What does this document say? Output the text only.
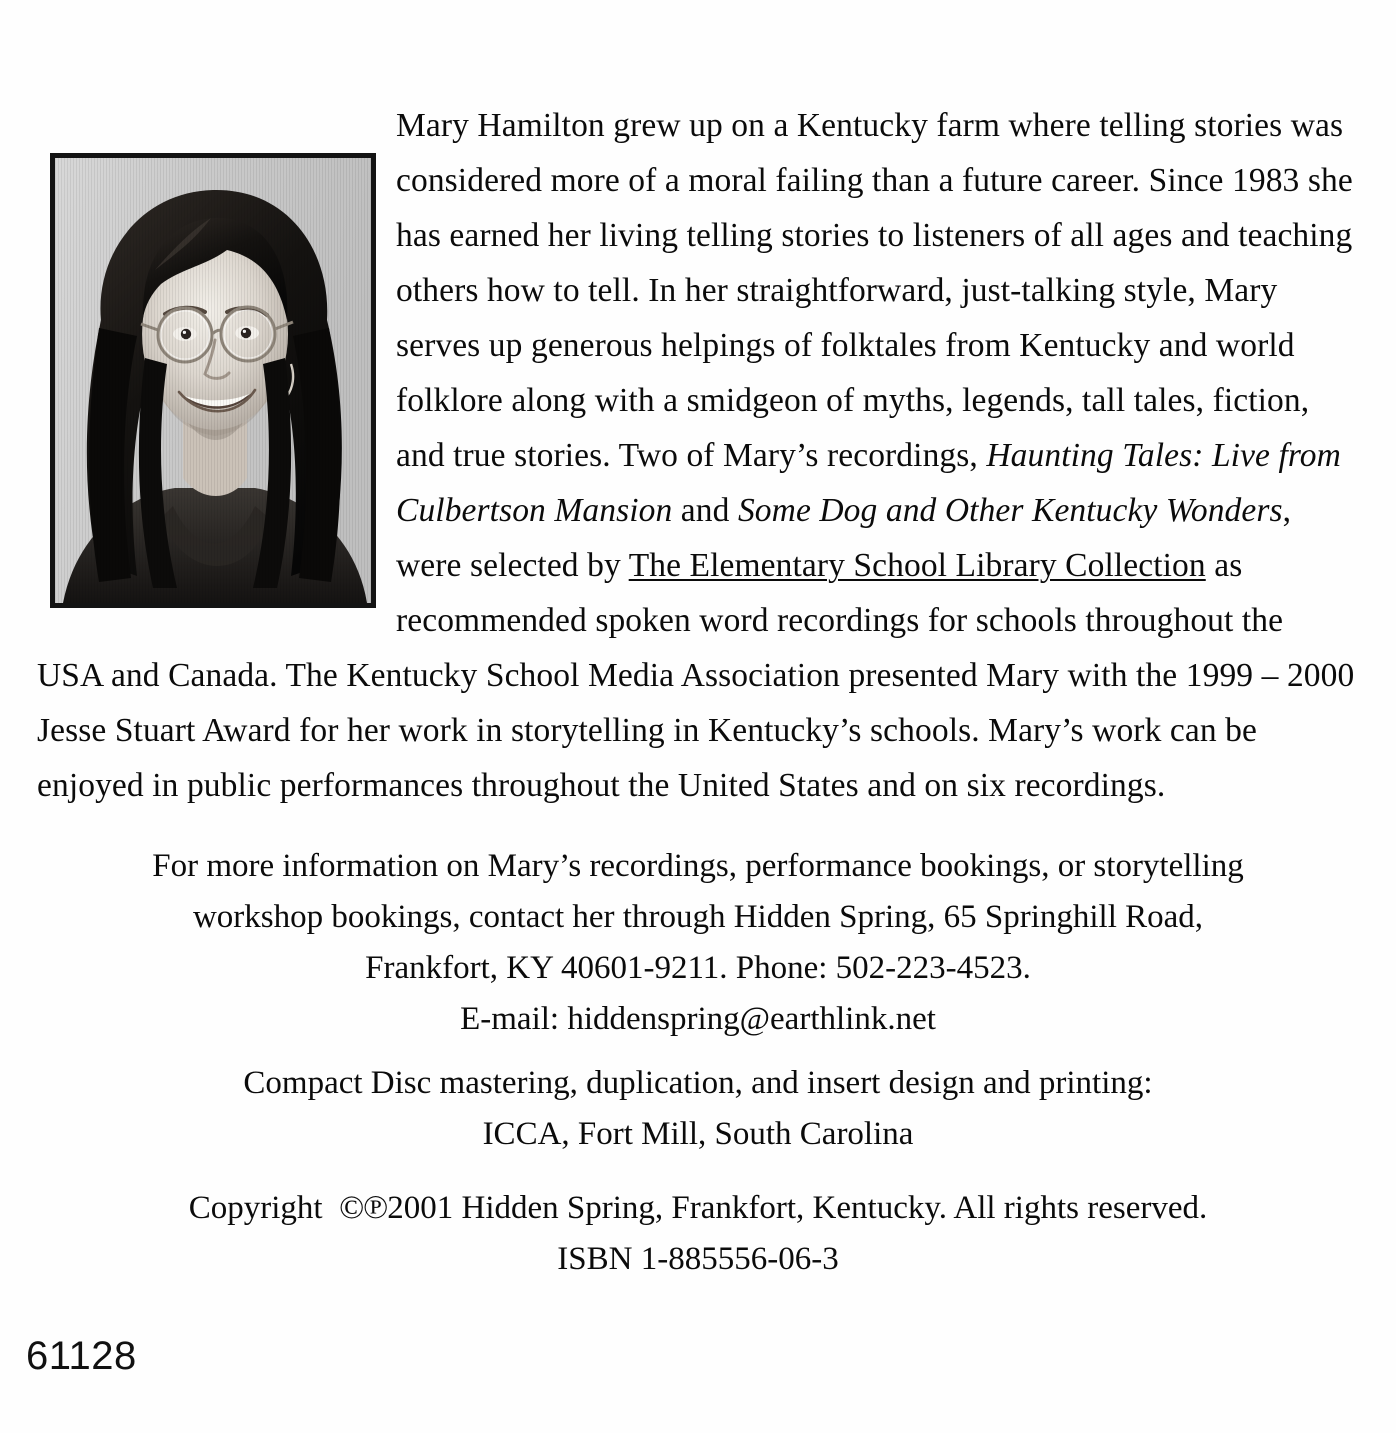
Mary Hamilton grew up on a Kentucky farm where telling stories was considered more of a moral failing than a future career. Since 1983 she has earned her living telling stories to listeners of all ages and teaching others how to tell. In her straightforward, just-talking style, Mary serves up generous helpings of folktales from Kentucky and world folklore along with a smidgeon of myths, legends, tall tales, fiction, and true stories. Two of Mary’s recordings, Haunting Tales: Live from Culbertson Mansion and Some Dog and Other Kentucky Wonders, were selected by The Elementary School Library Collection as recommended spoken word recordings for schools throughout the USA and Canada. The Kentucky School Media Association presented Mary with the 1999 – 2000 Jesse Stuart Award for her work in storytelling in Kentucky’s schools. Mary’s work can be enjoyed in public performances throughout the United States and on six recordings.
For more information on Mary’s recordings, performance bookings, or storytelling
workshop bookings, contact her through Hidden Spring, 65 Springhill Road,
Frankfort, KY 40601-9211. Phone: 502-223-4523.
E-mail: hiddenspring@earthlink.net
Compact Disc mastering, duplication, and insert design and printing:
ICCA, Fort Mill, South Carolina
Copyright ©℗2001 Hidden Spring, Frankfort, Kentucky. All rights reserved.
ISBN 1-885556-06-3
61128
